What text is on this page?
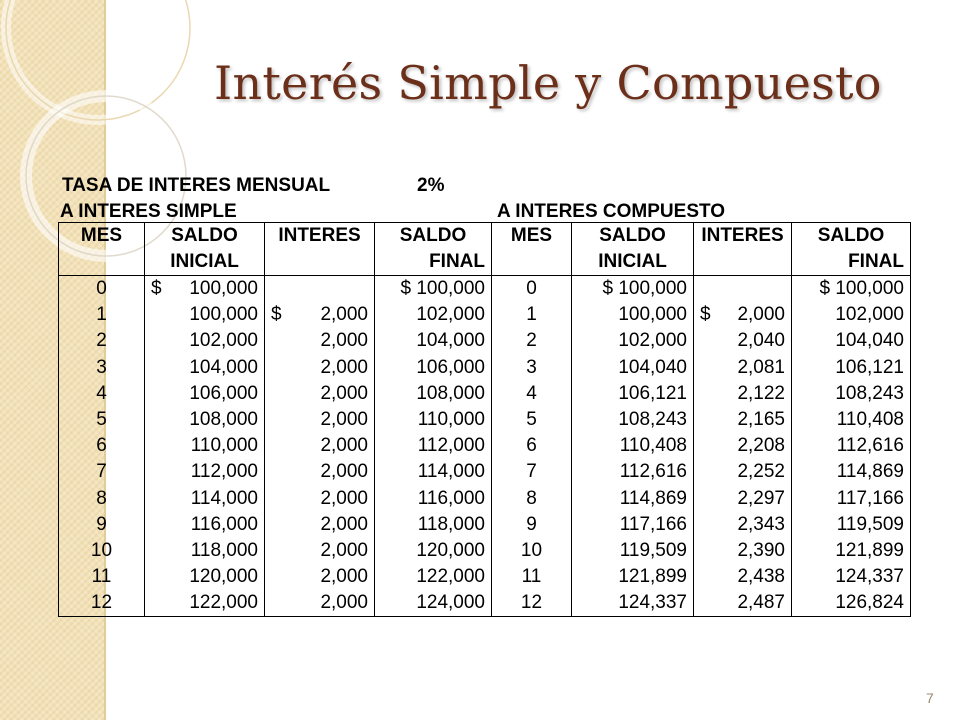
Interés Simple y Compuesto
TASA DE INTERES MENSUAL	2%
A INTERES SIMPLE	A INTERES COMPUESTO
MES	SALDO	INTERES	SALDO	MES	SALDO	INTERES	SALDO
	INICIAL		FINAL		INICIAL		FINAL
0	$ 100,000		$ 100,000	0	$ 100,000		$ 100,000
1	100,000	$ 2,000	102,000	1	100,000	$ 2,000	102,000
2	102,000	2,000	104,000	2	102,000	2,040	104,040
3	104,000	2,000	106,000	3	104,040	2,081	106,121
4	106,000	2,000	108,000	4	106,121	2,122	108,243
5	108,000	2,000	110,000	5	108,243	2,165	110,408
6	110,000	2,000	112,000	6	110,408	2,208	112,616
7	112,000	2,000	114,000	7	112,616	2,252	114,869
8	114,000	2,000	116,000	8	114,869	2,297	117,166
9	116,000	2,000	118,000	9	117,166	2,343	119,509
10	118,000	2,000	120,000	10	119,509	2,390	121,899
11	120,000	2,000	122,000	11	121,899	2,438	124,337
12	122,000	2,000	124,000	12	124,337	2,487	126,824
7
